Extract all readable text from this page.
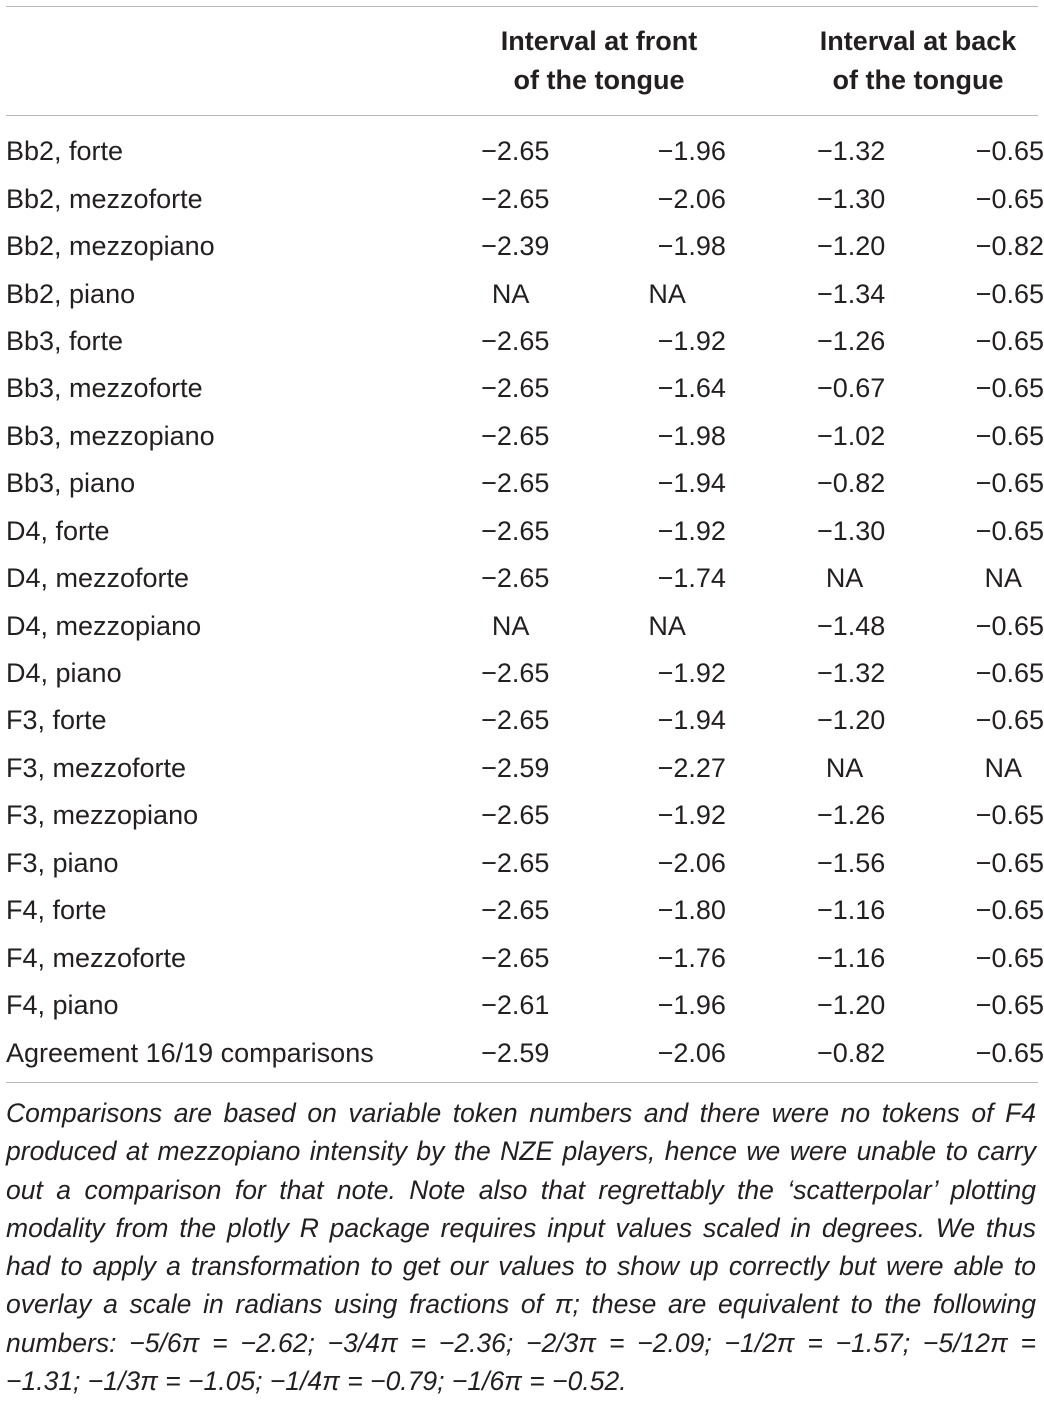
Interval at front
of the tongue
Interval at back
of the tongue
Bb2, forte	−2.65	−1.96	−1.32	−0.65
Bb2, mezzoforte	−2.65	−2.06	−1.30	−0.65
Bb2, mezzopiano	−2.39	−1.98	−1.20	−0.82
Bb2, piano	NA	NA	−1.34	−0.65
Bb3, forte	−2.65	−1.92	−1.26	−0.65
Bb3, mezzoforte	−2.65	−1.64	−0.67	−0.65
Bb3, mezzopiano	−2.65	−1.98	−1.02	−0.65
Bb3, piano	−2.65	−1.94	−0.82	−0.65
D4, forte	−2.65	−1.92	−1.30	−0.65
D4, mezzoforte	−2.65	−1.74	NA	NA
D4, mezzopiano	NA	NA	−1.48	−0.65
D4, piano	−2.65	−1.92	−1.32	−0.65
F3, forte	−2.65	−1.94	−1.20	−0.65
F3, mezzoforte	−2.59	−2.27	NA	NA
F3, mezzopiano	−2.65	−1.92	−1.26	−0.65
F3, piano	−2.65	−2.06	−1.56	−0.65
F4, forte	−2.65	−1.80	−1.16	−0.65
F4, mezzoforte	−2.65	−1.76	−1.16	−0.65
F4, piano	−2.61	−1.96	−1.20	−0.65
Agreement 16/19 comparisons	−2.59	−2.06	−0.82	−0.65
Comparisons are based on variable token numbers and there were no tokens of F4 produced at mezzopiano intensity by the NZE players, hence we were unable to carry out a comparison for that note. Note also that regrettably the ‘scatterpolar’ plotting modality from the plotly R package requires input values scaled in degrees. We thus had to apply a transformation to get our values to show up correctly but were able to overlay a scale in radians using fractions of π; these are equivalent to the following numbers: −5/6π = −2.62; −3/4π = −2.36; −2/3π = −2.09; −1/2π = −1.57; −5/12π = −1.31; −1/3π = −1.05; −1/4π = −0.79; −1/6π = −0.52.
